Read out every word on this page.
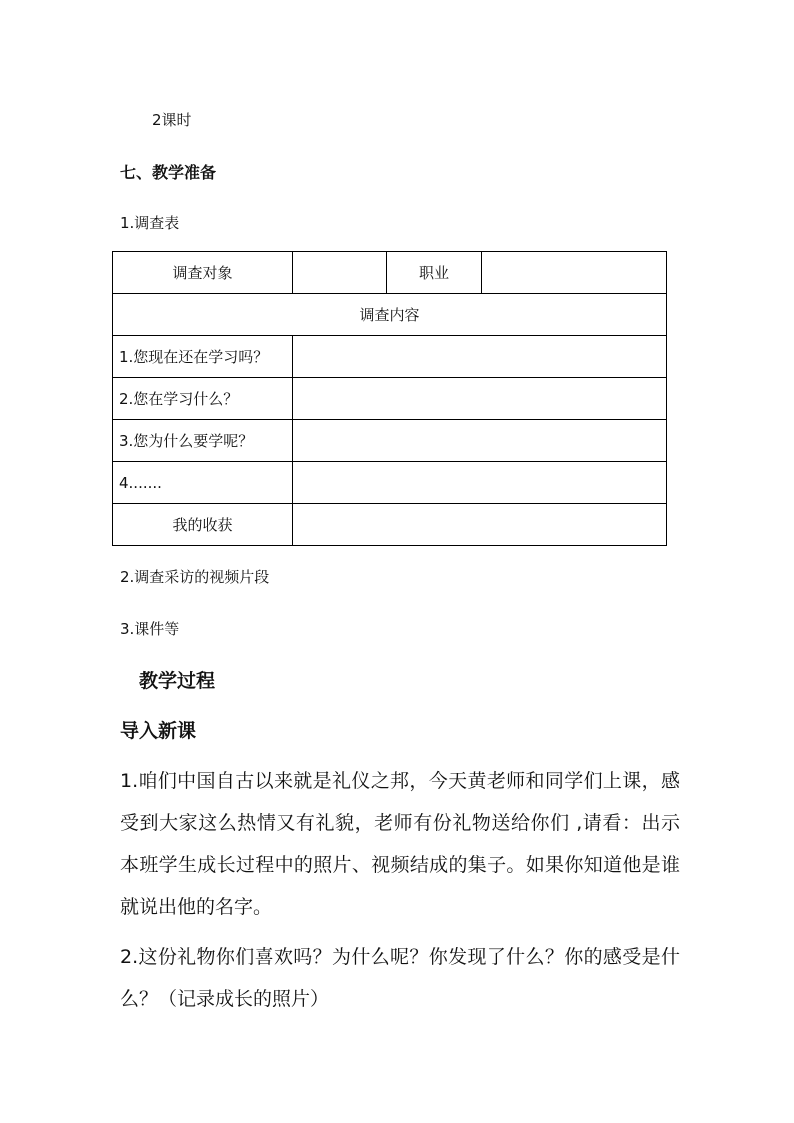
2课时
七、教学准备
1.调查表
调查对象		职业	
调查内容			
1.您现在还在学习吗？			
2.您在学习什么？			
3.您为什么要学呢？			
4.......			
我的收获			
2.调查采访的视频片段
3.课件等
教学过程
导入新课
1.咱们中国自古以来就是礼仪之邦，今天黄老师和同学们上课，感受到大家这么热情又有礼貌，老师有份礼物送给你们 ,请看：出示本班学生成长过程中的照片、视频结成的集子。如果你知道他是谁就说出他的名字。
2.这份礼物你们喜欢吗？为什么呢？你发现了什么？你的感受是什么？（记录成长的照片）
